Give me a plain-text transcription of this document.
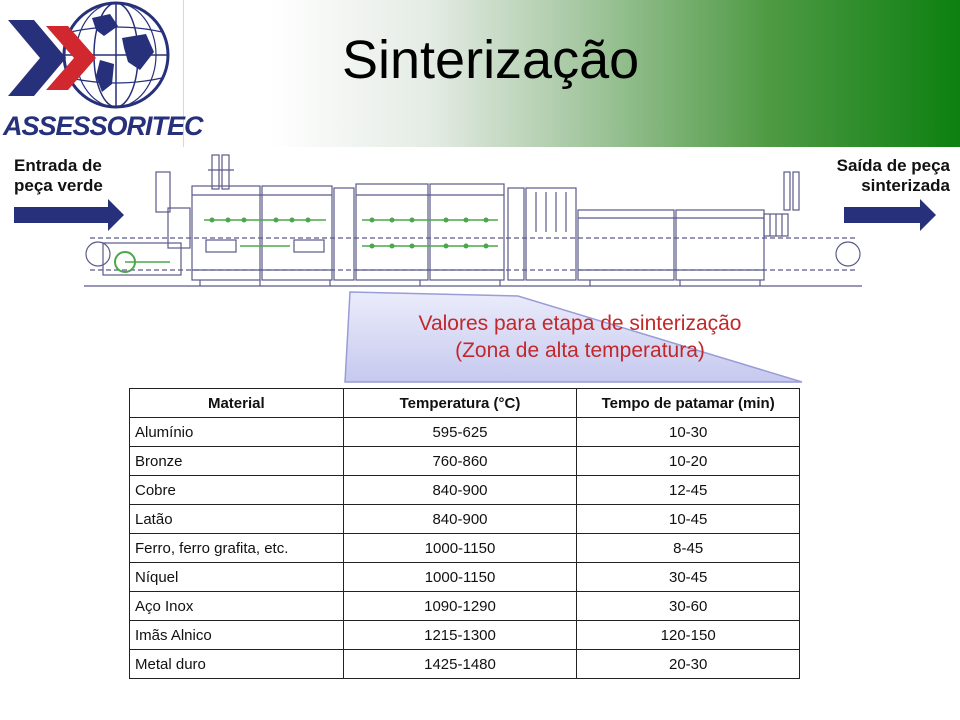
ASSESSORITEC
Sinterização
Entrada de
peça verde
Saída de peça
sinterizada
Valores para etapa de sinterização
(Zona de alta temperatura)
Material	Temperatura (°C)	Tempo de patamar (min)
Alumínio	595-625	10-30
Bronze	760-860	10-20
Cobre	840-900	12-45
Latão	840-900	10-45
Ferro, ferro grafita, etc.	1000-1150	8-45
Níquel	1000-1150	30-45
Aço Inox	1090-1290	30-60
Imãs Alnico	1215-1300	120-150
Metal duro	1425-1480	20-30
